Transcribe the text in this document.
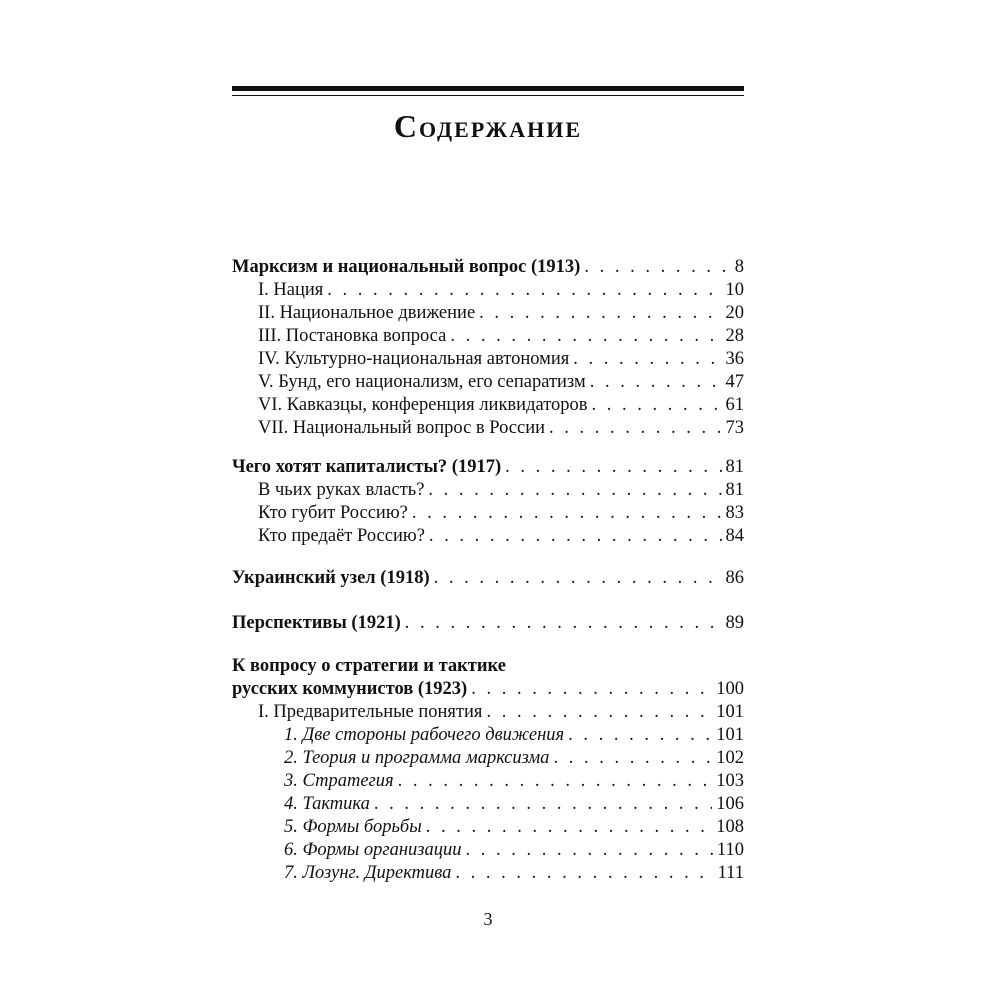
Содержание
Марксизм и национальный вопрос (1913) . . .	8
I. Нация . . .	10
II. Национальное движение . . .	20
III. Постановка вопроса . . .	28
IV. Культурно-национальная автономия . . .	36
V. Бунд, его национализм, его сепаратизм . . .	47
VI. Кавказцы, конференция ликвидаторов . . .	61
VII. Национальный вопрос в России . . .	73
Чего хотят капиталисты? (1917) . . .	81
В чьих руках власть? . . .	81
Кто губит Россию? . . .	83
Кто предаёт Россию? . . .	84
Украинский узел (1918) . . .	86
Перспективы (1921) . . .	89
К вопросу о стратегии и тактике
русских коммунистов (1923) . . .	100
I. Предварительные понятия . . .	101
1. Две стороны рабочего движения . . .	101
2. Теория и программа марксизма . . .	102
3. Стратегия . . .	103
4. Тактика . . .	106
5. Формы борьбы . . .	108
6. Формы организации . . .	110
7. Лозунг. Директива . . .	111
3
